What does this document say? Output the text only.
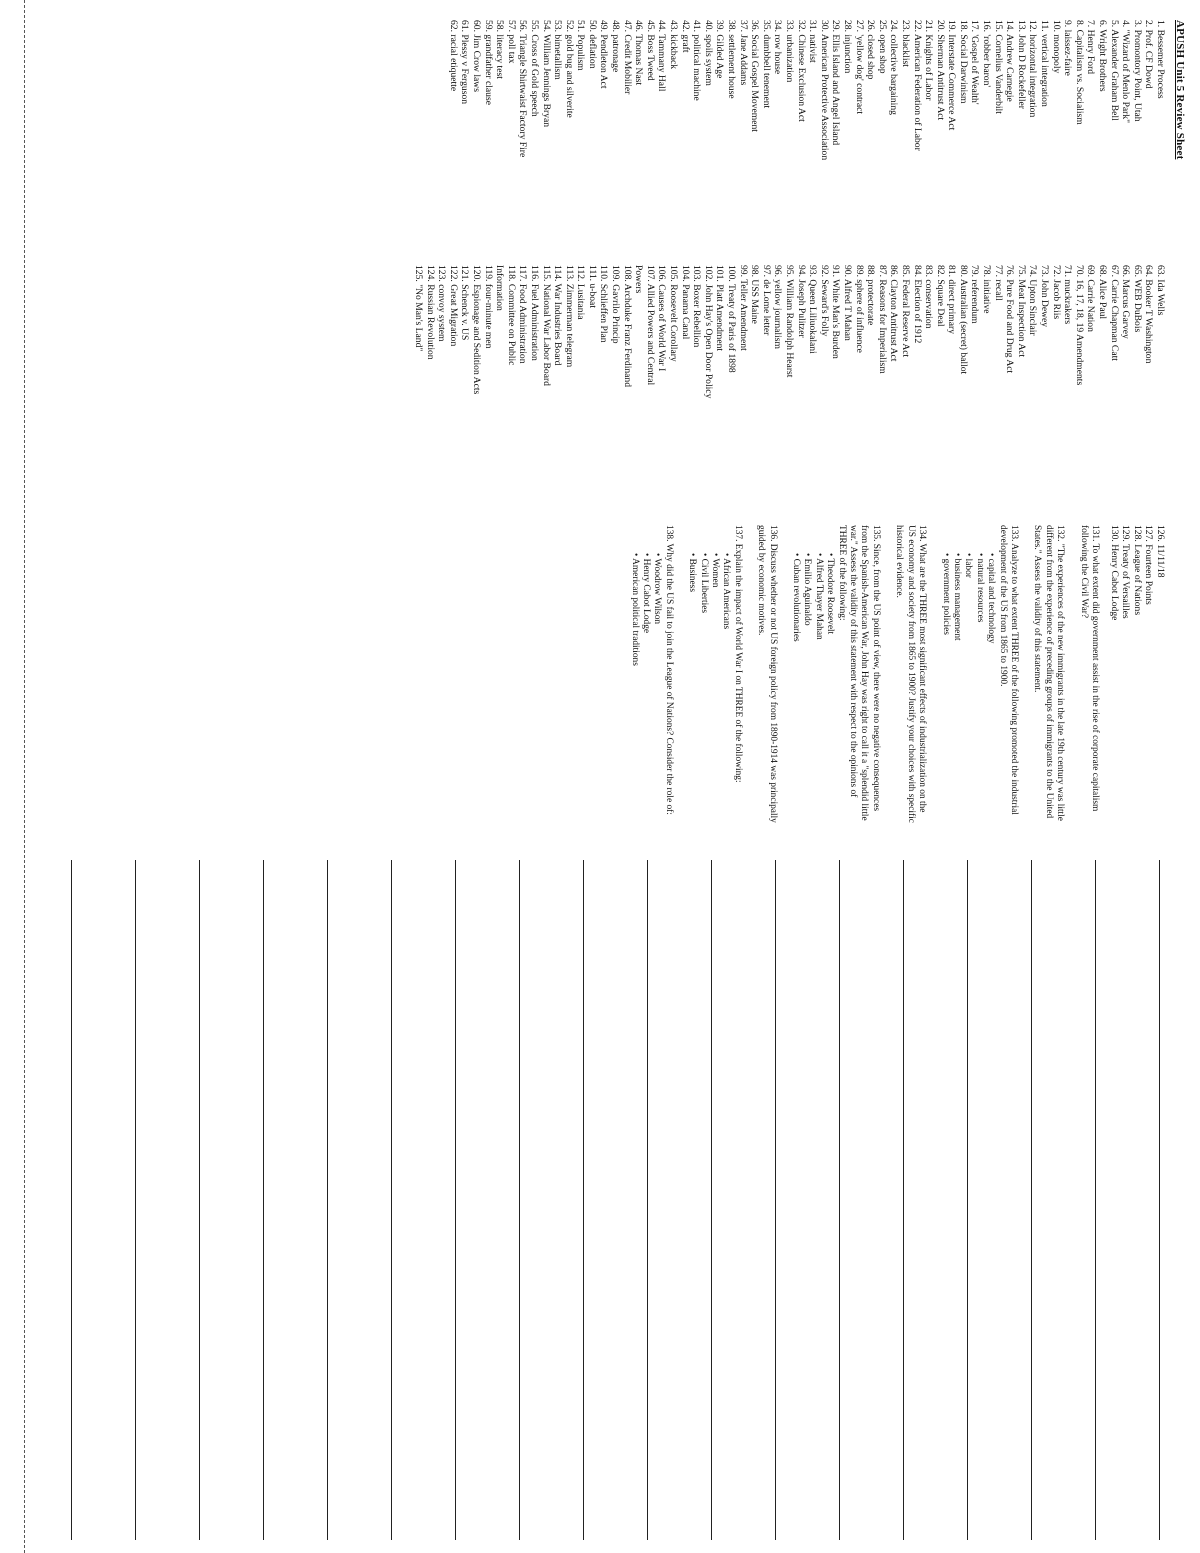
APUSH Unit 5 Review Sheet
1. Bessemer Process
2. Prof. CF Dowd
3. Promontory Point, Utah
4. "Wizard of Menlo Park"
5. Alexander Graham Bell
6. Wright Brothers
7. Henry Ford
8. Capitalism vs. Socialism
9. laissez-faire
10. monopoly
11. vertical integration
12. horizontal integration
13. John D Rockefeller
14. Andrew Carnegie
15. Cornelius Vanderbilt
16. 'robber baron'
17. 'Gospel of Wealth'
18. Social Darwinism
19. Interstate Commerce Act
20. Sherman Antitrust Act
21. Knights of Labor
22. American Federation of Labor
23. blacklist
24. collective bargaining
25. open shop
26. closed shop
27. 'yellow dog' contract
28. injunction
29. Ellis Island and Angel Island
30. American Protective Association
31. nativist
32. Chinese Exclusion Act
33. urbanization
34. row house
35. dumbbell tenement
36. Social Gospel Movement
37. Jane Addams
38. settlement house
39. Gilded Age
40. spoils system
41. political machine
42. graft
43. kickback
44. Tammany Hall
45. Boss Tweed
46. Thomas Nast
47. Credit Mobilier
48. patronage
49. Pendleton Act
50. deflation
51. Populism
52. gold bug and silverite
53. bimetallism
54. William Jennings Bryan
55. Cross of Gold speech
56. Triangle Shirtwaist Factory Fire
57. poll tax
58. literacy test
59. grandfather clause
60. Jim Crow laws
61. Plessy v Ferguson
62. racial etiquette
63. Ida Wells
64. Booker T Washington
65. WEB DuBois
66. Marcus Garvey
67. Carrie Chapman Catt
68. Alice Paul
69. Carrie Nation
70. 16, 17, 18, 19 Amendments
71. muckrakers
72. Jacob Riis
73. John Dewey
74. Upton Sinclair
75. Meat Inspection Act
76. Pure Food and Drug Act
77. recall
78. initiative
79. referendum
80. Australian (secret) ballot
81. direct primary
82. Square Deal
83. conservation
84. Election of 1912
85. Federal Reserve Act
86. Clayton Antitrust Act
87. Reasons for Imperialism
88. protectorate
89. sphere of influence
90. Alfred T Mahan
91. White Man's Burden
92. Seward's Folly
93. Queen Liliuokalani
94. Joseph Pulitzer
95. William Randolph Hearst
96. yellow journalism
97. de Lome letter
98. USS Maine
99. Teller Amendment
100. Treaty of Paris of 1898
101. Platt Amendment
102. John Hay's Open Door Policy
103. Boxer Rebellion
104. Panama Canal
105. Roosevelt Corollary
106. Causes of World War I
107. Allied Powers and Central
Powers
108. Archduke Franz Ferdinand
109. Gavrilo Princip
110. Schlieffen Plan
111. u-boat
112. Lusitania
113. Zimmerman telegram
114. War Industries Board
115. National War Labor Board
116. Fuel Administration
117. Food Administration
118. Committee on Public
Information
119. four-minute men
120. Espionage and Sedition Acts
121. Schenck v. US
122. Great Migration
123. convoy system
124. Russian Revolution
125. "No Man's Land"
126. 11/11/18
127. Fourteen Points
128. League of Nations
129. Treaty of Versailles
130. Henry Cabot Lodge
131. To what extent did government assist in the rise of corporate capitalism following the Civil War?
132. "The experiences of the new immigrants in the late 19th century was little different from the experience of preceding groups of immigrants to the United States." Assess the validity of this statement.
133. Analyze to what extent THREE of the following promoted the industrial development of the US from 1865 to 1900.
• capital and technology
• natural resources
• labor
• business management
• government policies
134. What are the THREE most significant effects of industrialization on the US economy and society from 1865 to 1900? Justify your choices with specific historical evidence.
135. Since, from the US point of view, there were no negative consequences from the Spanish-American War, John Hay was right to call it a "splendid little war." Assess the validity of this statement with respect to the opinions of THREE of the following:
• Theodore Roosevelt
• Alfred Thayer Mahan
• Emilio Aguinaldo
• Cuban revolutionaries
136. Discuss whether or not US foreign policy from 1890-1914 was principally guided by economic motives.
137. Explain the impact of World War I on THREE of the following:
• African Americans
• Women
• Civil Liberties
• Business
138. Why did the US fail to join the League of Nations? Consider the role of:
• Woodrow Wilson
• Henry Cabot Lodge
• American political traditions
